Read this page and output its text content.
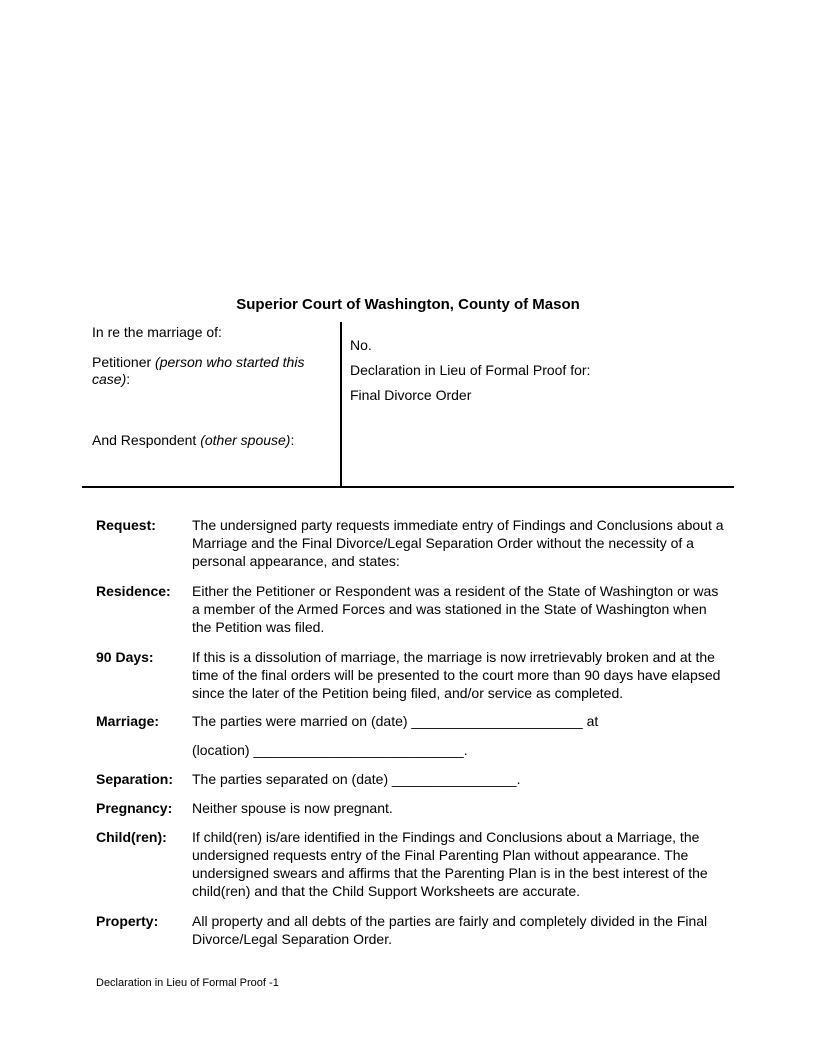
Superior Court of Washington, County of Mason

In re the marriage of:

Petitioner (person who started this case):

And Respondent (other spouse):

No.

Declaration in Lieu of Formal Proof for:

Final Divorce Order

Request:	The undersigned party requests immediate entry of Findings and Conclusions about a Marriage and the Final Divorce/Legal Separation Order without the necessity of a personal appearance, and states:
Residence:	Either the Petitioner or Respondent was a resident of the State of Washington or was a member of the Armed Forces and was stationed in the State of Washington when the Petition was filed.
90 Days:	If this is a dissolution of marriage, the marriage is now irretrievably broken and at the time of the final orders will be presented to the court more than 90 days have elapsed since the later of the Petition being filed, and/or service as completed.
Marriage:	The parties were married on (date) ______________________ at
(location) ___________________________.
Separation:	The parties separated on (date) ________________.
Pregnancy:	Neither spouse is now pregnant.
Child(ren):	If child(ren) is/are identified in the Findings and Conclusions about a Marriage, the undersigned requests entry of the Final Parenting Plan without appearance. The undersigned swears and affirms that the Parenting Plan is in the best interest of the child(ren) and that the Child Support Worksheets are accurate.
Property:	All property and all debts of the parties are fairly and completely divided in the Final Divorce/Legal Separation Order.

Declaration in Lieu of Formal Proof -1
